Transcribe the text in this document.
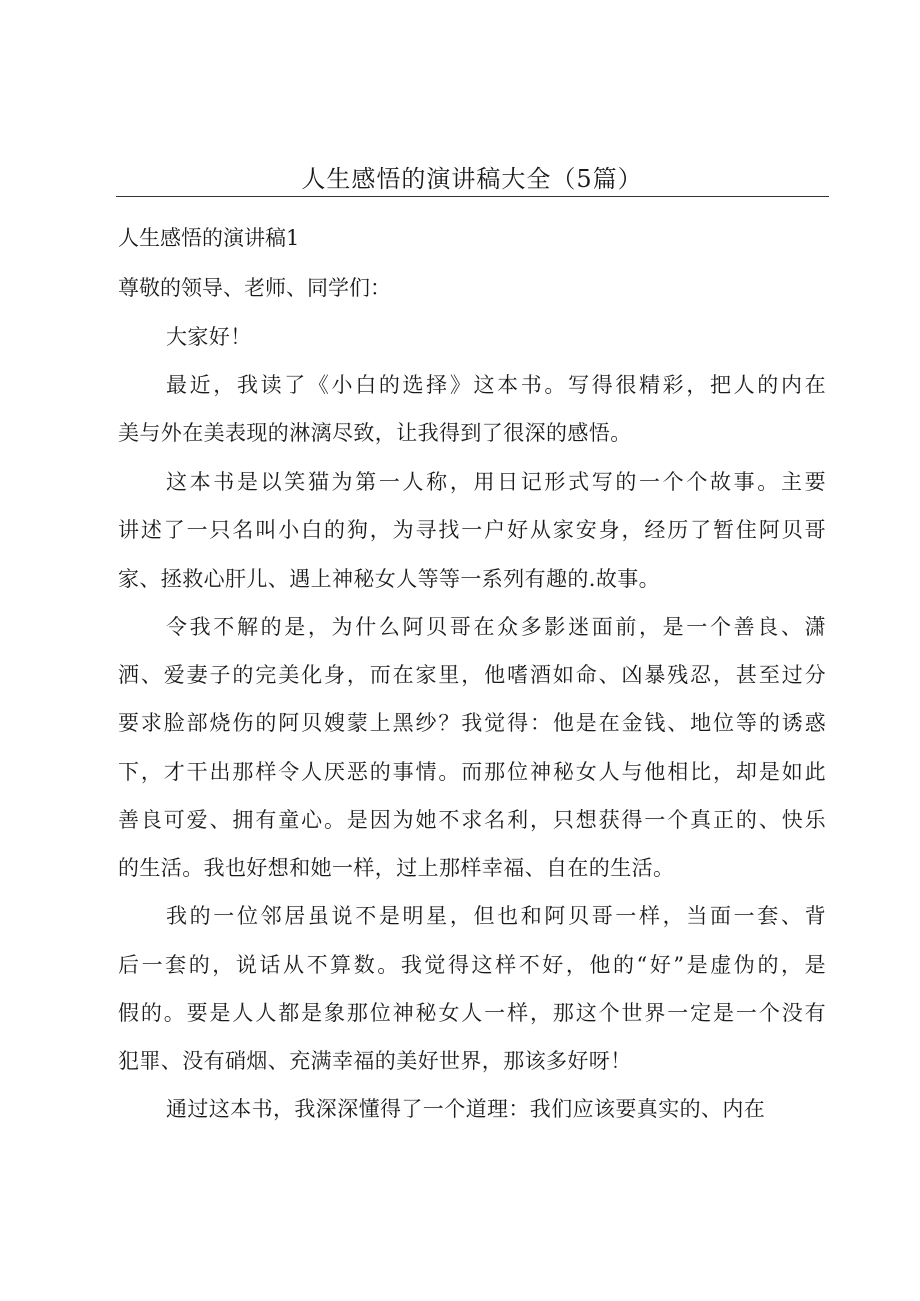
人生感悟的演讲稿大全（5篇）
人生感悟的演讲稿1
尊敬的领导、老师、同学们：
大家好！
最近，我读了《小白的选择》这本书。写得很精彩，把人的内在
美与外在美表现的淋漓尽致，让我得到了很深的感悟。
这本书是以笑猫为第一人称，用日记形式写的一个个故事。主要
讲述了一只名叫小白的狗，为寻找一户好从家安身，经历了暂住阿贝哥
家、拯救心肝儿、遇上神秘女人等等一系列有趣的.故事。
令我不解的是，为什么阿贝哥在众多影迷面前，是一个善良、潇
洒、爱妻子的完美化身，而在家里，他嗜酒如命、凶暴残忍，甚至过分
要求脸部烧伤的阿贝嫂蒙上黑纱？我觉得：他是在金钱、地位等的诱惑
下，才干出那样令人厌恶的事情。而那位神秘女人与他相比，却是如此
善良可爱、拥有童心。是因为她不求名利，只想获得一个真正的、快乐
的生活。我也好想和她一样，过上那样幸福、自在的生活。
我的一位邻居虽说不是明星，但也和阿贝哥一样，当面一套、背
后一套的，说话从不算数。我觉得这样不好，他的“好”是虚伪的，是
假的。要是人人都是象那位神秘女人一样，那这个世界一定是一个没有
犯罪、没有硝烟、充满幸福的美好世界，那该多好呀！
通过这本书，我深深懂得了一个道理：我们应该要真实的、内在
